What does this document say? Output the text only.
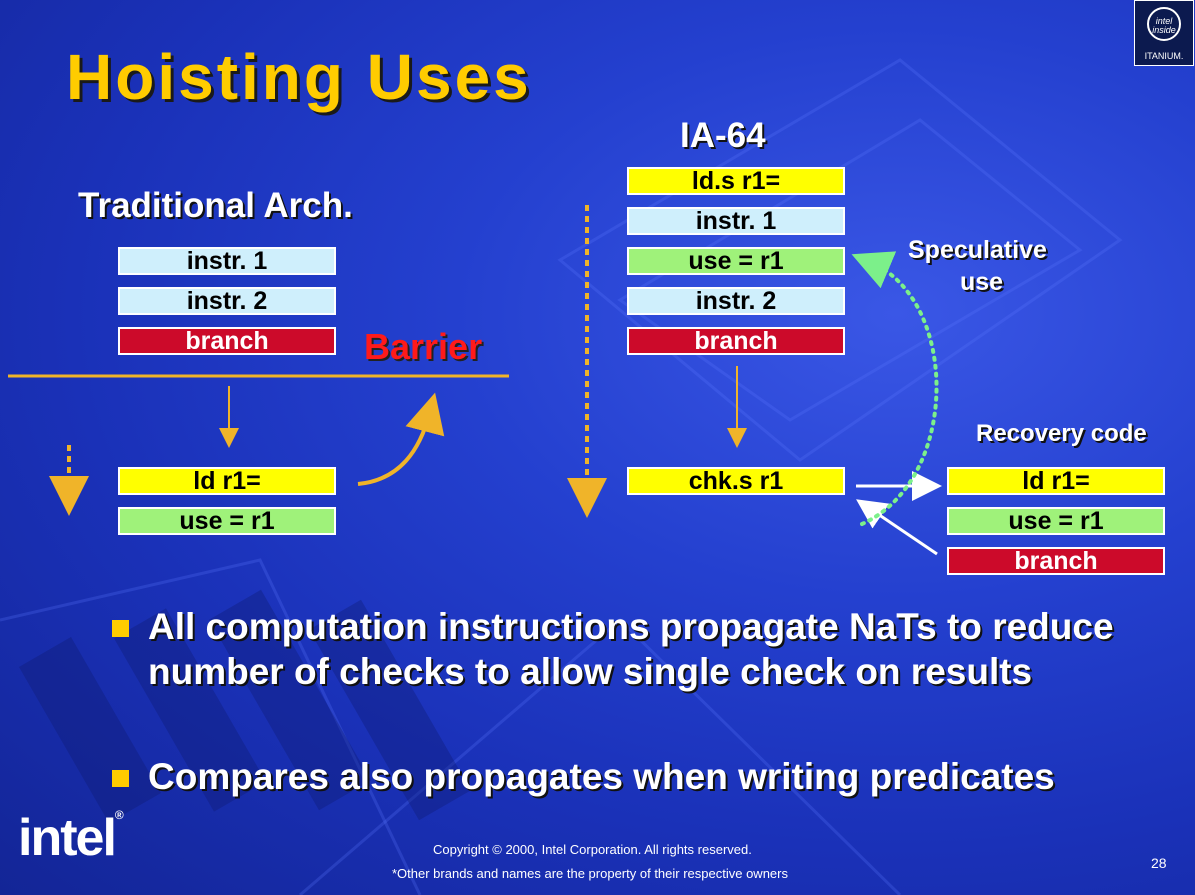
Hoisting Uses
intel inside
ITANIUM.
Traditional Arch.
instr. 1
instr. 2
branch	Barrier
ld r1=
use = r1
IA-64
ld.s r1=
instr. 1
use = r1
instr. 2
branch
chk.s r1
Speculative
use
Recovery code
ld r1=
use = r1
branch
All computation instructions propagate NaTs to reduce number of checks to allow single check on results
Compares also propagates when writing predicates
intel®
Copyright © 2000, Intel Corporation. All rights reserved.
*Other brands and names are the property of their respective owners
28
